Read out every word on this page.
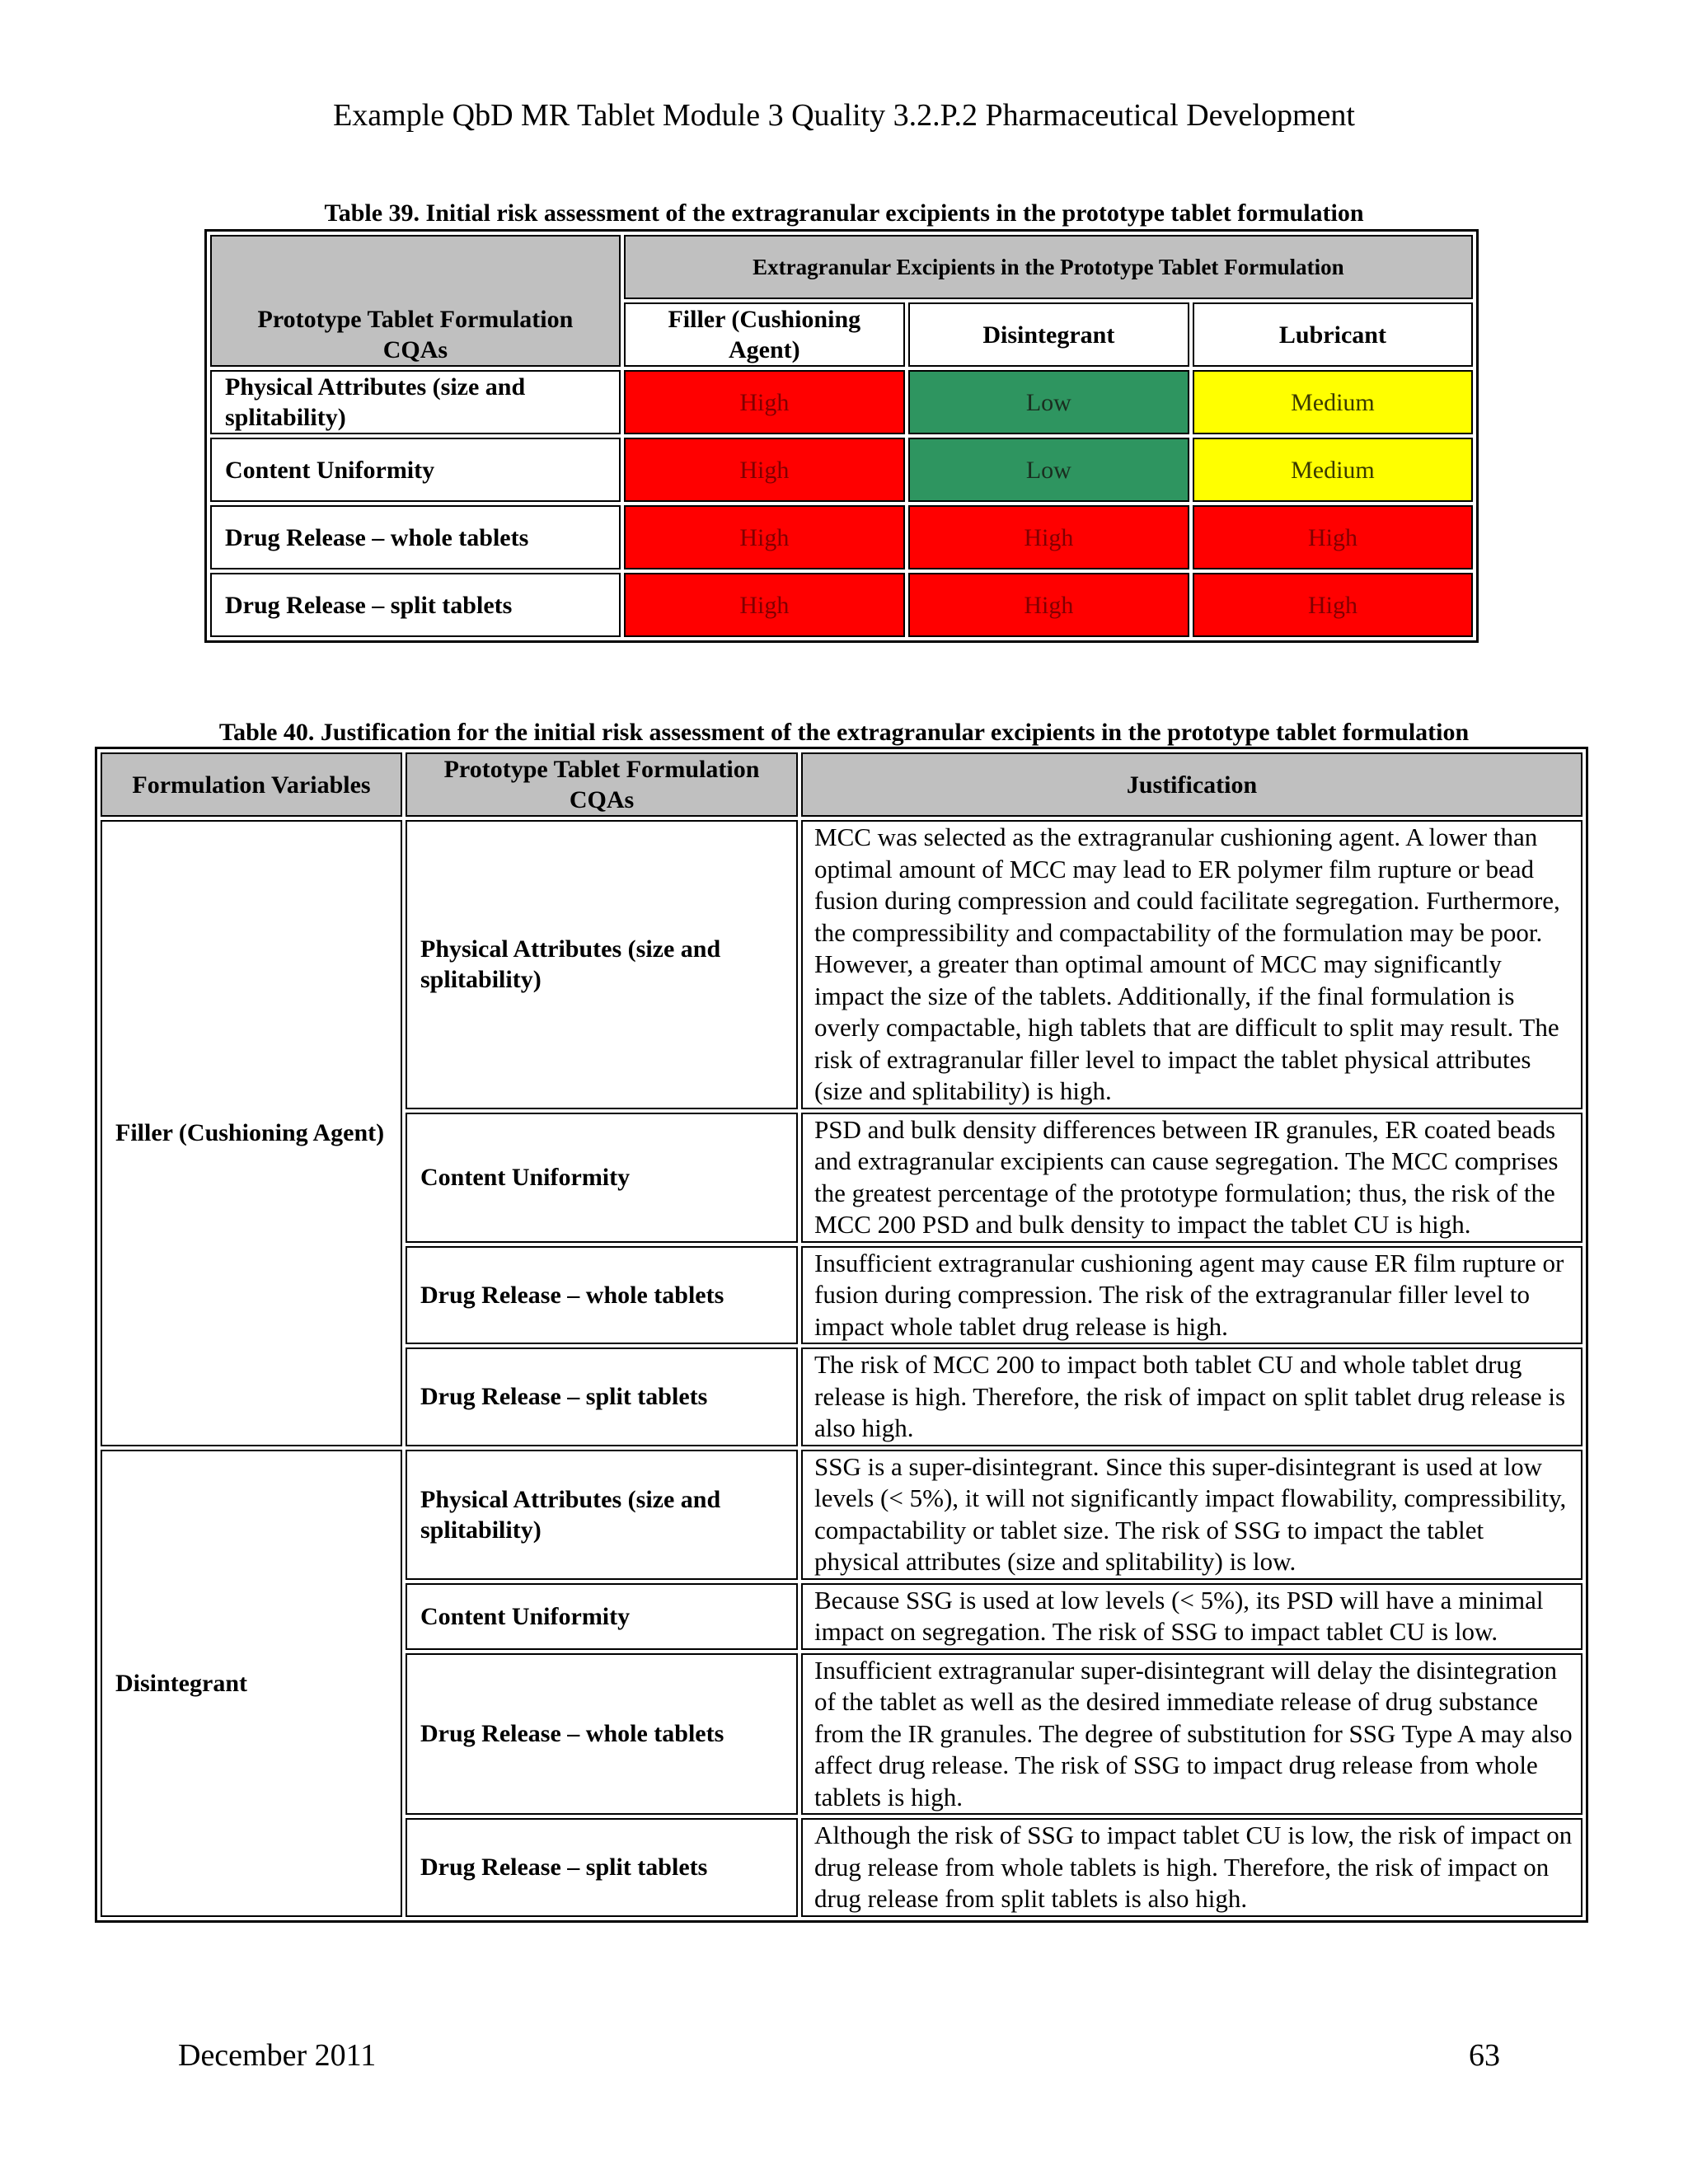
Example QbD MR Tablet Module 3 Quality 3.2.P.2 Pharmaceutical Development
Table 39. Initial risk assessment of the extragranular excipients in the prototype tablet formulation
Prototype Tablet Formulation CQAs	Extragranular Excipients in the Prototype Tablet Formulation		
	Filler (Cushioning Agent)	Disintegrant	Lubricant
Physical Attributes (size and splitability)	High	Low	Medium
Content Uniformity	High	Low	Medium
Drug Release – whole tablets	High	High	High
Drug Release – split tablets	High	High	High
Table 40. Justification for the initial risk assessment of the extragranular excipients in the prototype tablet formulation
Formulation Variables	Prototype Tablet Formulation CQAs	Justification
Filler (Cushioning Agent)	Physical Attributes (size and splitability)	MCC was selected as the extragranular cushioning agent. A lower than optimal amount of MCC may lead to ER polymer film rupture or bead fusion during compression and could facilitate segregation. Furthermore, the compressibility and compactability of the formulation may be poor. However, a greater than optimal amount of MCC may significantly impact the size of the tablets. Additionally, if the final formulation is overly compactable, high tablets that are difficult to split may result. The risk of extragranular filler level to impact the tablet physical attributes (size and splitability) is high.
	Content Uniformity	PSD and bulk density differences between IR granules, ER coated beads and extragranular excipients can cause segregation. The MCC comprises the greatest percentage of the prototype formulation; thus, the risk of the MCC 200 PSD and bulk density to impact the tablet CU is high.
	Drug Release – whole tablets	Insufficient extragranular cushioning agent may cause ER film rupture or fusion during compression. The risk of the extragranular filler level to impact whole tablet drug release is high.
	Drug Release – split tablets	The risk of MCC 200 to impact both tablet CU and whole tablet drug release is high. Therefore, the risk of impact on split tablet drug release is also high.
Disintegrant	Physical Attributes (size and splitability)	SSG is a super-disintegrant. Since this super-disintegrant is used at low levels (< 5%), it will not significantly impact flowability, compressibility, compactability or tablet size. The risk of SSG to impact the tablet physical attributes (size and splitability) is low.
	Content Uniformity	Because SSG is used at low levels (< 5%), its PSD will have a minimal impact on segregation. The risk of SSG to impact tablet CU is low.
	Drug Release – whole tablets	Insufficient extragranular super-disintegrant will delay the disintegration of the tablet as well as the desired immediate release of drug substance from the IR granules. The degree of substitution for SSG Type A may also affect drug release. The risk of SSG to impact drug release from whole tablets is high.
	Drug Release – split tablets	Although the risk of SSG to impact tablet CU is low, the risk of impact on drug release from whole tablets is high. Therefore, the risk of impact on drug release from split tablets is also high.
December 2011	63
